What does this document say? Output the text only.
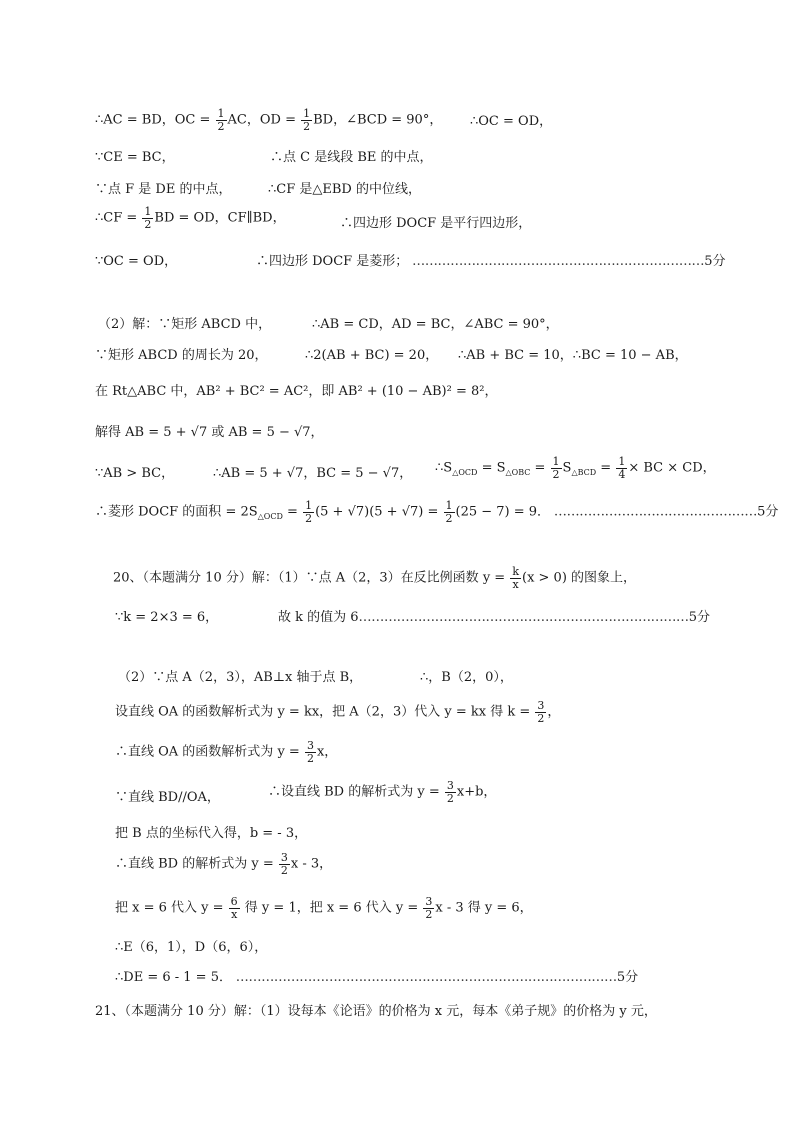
∴AC = BD，OC = $\frac{1}{2}$ AC，OD = $\frac{1}{2}$ BD，∠BCD = 90°， ∴OC = OD，
∵CE = BC，	∴点 C 是线段 BE 的中点，
∵点 F 是 DE 的中点，	∴CF 是△EBD 的中位线，
∴CF = $\frac{1}{2}$ BD = OD，CF∥BD，	∴四边形 DOCF 是平行四边形，
∵OC = OD，	∴四边形 DOCF 是菱形； ……………………………………………………………5分
（2）解：∵矩形 ABCD 中，	∴AB = CD，AD = BC，∠ABC = 90°，
∵矩形 ABCD 的周长为 20，	∴2(AB + BC) = 20， ∴AB + BC = 10，∴BC = 10 − AB，
在 Rt△ABC 中，AB² + BC² = AC²，即 AB² + (10 − AB)² = 8²，
解得 AB = 5 + √7 或 AB = 5 − √7，
∵AB > BC，	∴AB = 5 + √7，BC = 5 − √7， $\therefore S_{\triangle OCD} = S_{\triangle OBC} = \frac{1}{2} S_{\triangle BCD} = \frac{1}{4}$ × BC × CD，
∴菱形 DOCF 的面积 = $2S_{\triangle OCD} = \frac{1}{2} (5 + √7)(5 + √7) = \frac{1}{2} (25 - 7) = 9$． …………………………………………5分
20、（本题满分 10 分）解：（1）∵点 A（2，3）在反比例函数 $y = \frac{k}{x} (x > 0)$ 的图象上，
∵k = 2×3 = 6，	故 k 的值为 6……………………………………………………………………5分
（2）∵点 A（2，3），AB⊥x 轴于点 B，	∴，B（2，0），
设直线 OA 的函数解析式为 y = kx，把 A（2，3）代入 y = kx 得 $k = \frac{3}{2}$ ，
∴直线 OA 的函数解析式为 $y = \frac{3}{2}$ x，
∵直线 BD//OA，	∴设直线 BD 的解析式为 $y = \frac{3}{2} x+b$，
把 B 点的坐标代入得，b = - 3，
∴直线 BD 的解析式为 $y = \frac{3}{2}$ x - 3，
把 x = 6 代入 $y = \frac{6}{x}$ 得 y = 1，把 x = 6 代入 $y = \frac{3}{2}$ x - 3 得 y = 6，
∴E（6，1），D（6，6），
∴DE = 6 - 1 = 5． ………………………………………………………………………………5分
21、（本题满分 10 分）解：（1）设每本《论语》的价格为 x 元，每本《弟子规》的价格为 y 元，
